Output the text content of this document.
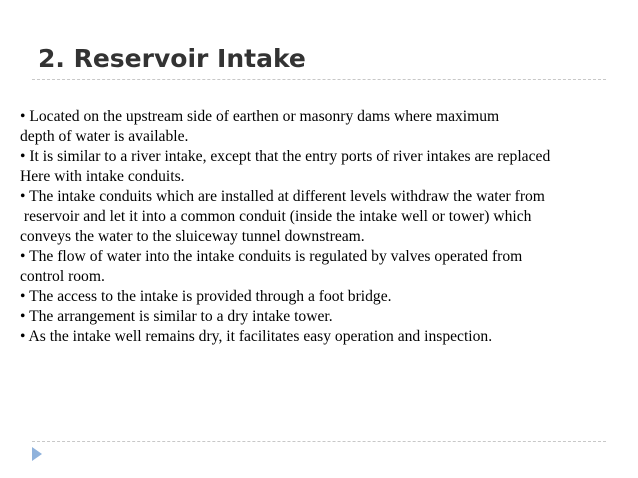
2. Reservoir Intake
• Located on the upstream side of earthen or masonry dams where maximum
depth of water is available.
• It is similar to a river intake, except that the entry ports of river intakes are replaced
Here with intake conduits.
• The intake conduits which are installed at different levels withdraw the water from
reservoir and let it into a common conduit (inside the intake well or tower) which
conveys the water to the sluiceway tunnel downstream.
• The flow of water into the intake conduits is regulated by valves operated from
control room.
• The access to the intake is provided through a foot bridge.
• The arrangement is similar to a dry intake tower.
• As the intake well remains dry, it facilitates easy operation and inspection.
